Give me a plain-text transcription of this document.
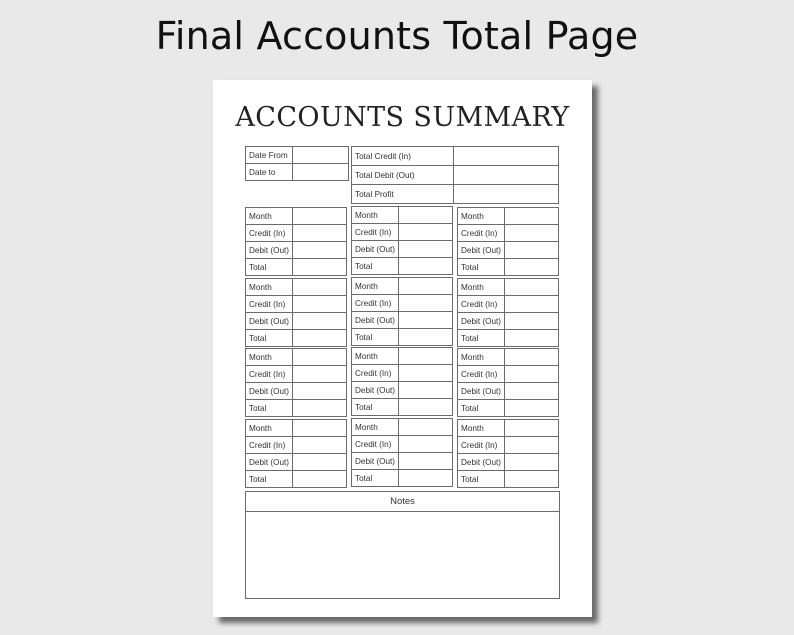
Final Accounts Total Page
ACCOUNTS SUMMARY
Date From	
Date to	
Total Credit (In)	
Total Debit (Out)	
Total Profit	
Month	
Credit (In)	
Debit (Out)	
Total	
Month	
Credit (In)	
Debit (Out)	
Total	
Month	
Credit (In)	
Debit (Out)	
Total	
Month	
Credit (In)	
Debit (Out)	
Total	
Month	
Credit (In)	
Debit (Out)	
Total	
Month	
Credit (In)	
Debit (Out)	
Total	
Month	
Credit (In)	
Debit (Out)	
Total	
Month	
Credit (In)	
Debit (Out)	
Total	
Month	
Credit (In)	
Debit (Out)	
Total	
Month	
Credit (In)	
Debit (Out)	
Total	
Month	
Credit (In)	
Debit (Out)	
Total	
Month	
Credit (In)	
Debit (Out)	
Total	
Notes
